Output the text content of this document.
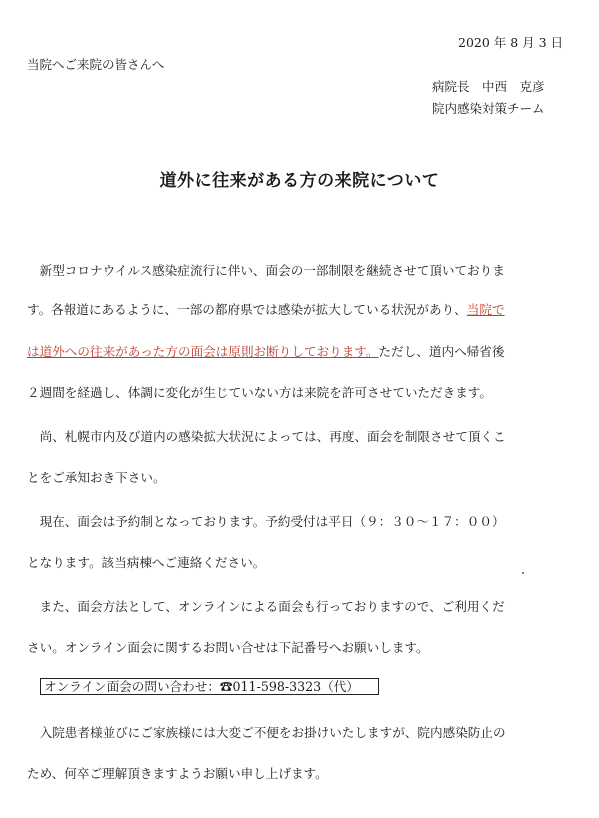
2020 年 8 月 3 日
当院へご来院の皆さんへ
病院長　中西　克彦
院内感染対策チーム
道外に往来がある方の来院について
　新型コロナウイルス感染症流行に伴い、面会の一部制限を継続させて頂いておりま
す。各報道にあるように、一部の都府県では感染が拡大している状況があり、当院で
は道外への往来があった方の面会は原則お断りしております。ただし、道内へ帰省後
２週間を経過し、体調に変化が生じていない方は来院を許可させていただきます。
　尚、札幌市内及び道内の感染拡大状況によっては、再度、面会を制限させて頂くこ
とをご承知おき下さい。
　現在、面会は予約制となっております。予約受付は平日（９：３０～１７：００）
となります。該当病棟へご連絡ください。
　また、面会方法として、オンラインによる面会も行っておりますので、ご利用くだ
さい。オンライン面会に関するお問い合せは下記番号へお願いします。
オンライン面会の問い合わせ：☎011-598-3323（代）
　入院患者様並びにご家族様には大変ご不便をお掛けいたしますが、院内感染防止の
ため、何卒ご理解頂きますようお願い申し上げます。
